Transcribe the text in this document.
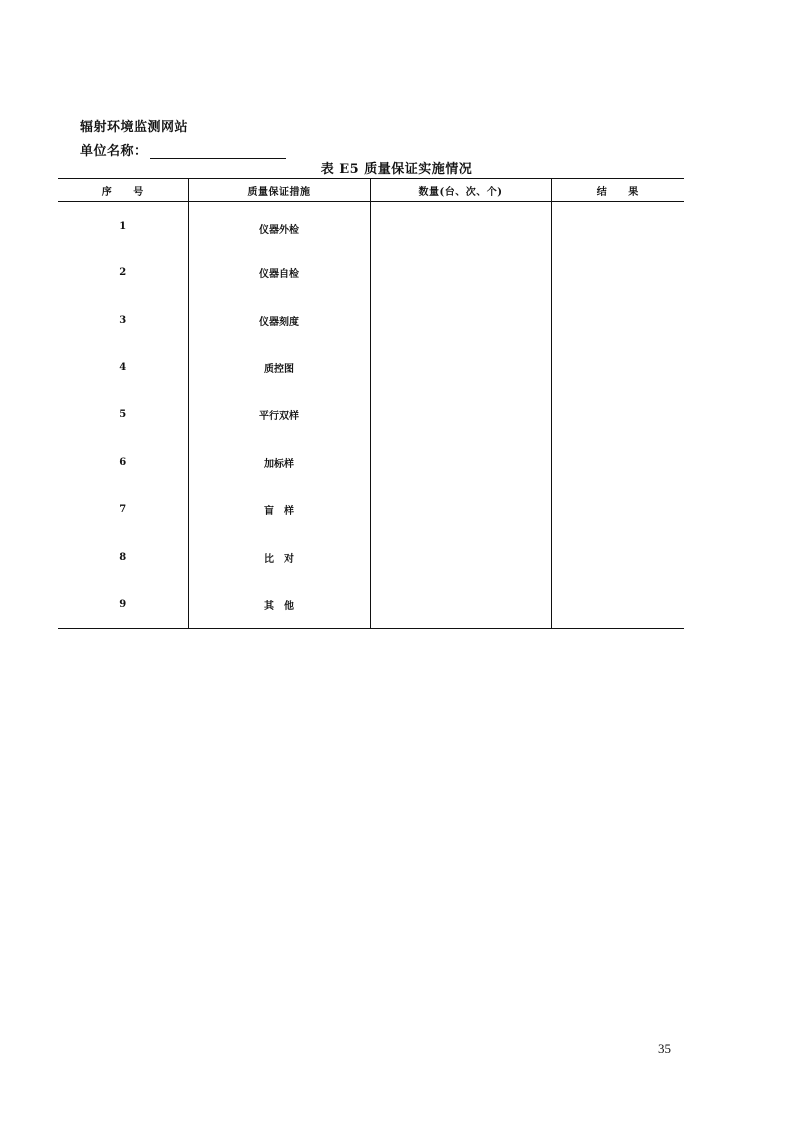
辐射环境监测网站
单位名称：
表 E5 质量保证实施情况
序　　号	质量保证措施	数量(台、次、个)	结　　果
1	仪器外检		
2	仪器自检		
3	仪器刻度		
4	质控图		
5	平行双样		
6	加标样		
7	盲　样		
8	比　对		
9	其　他		
35
